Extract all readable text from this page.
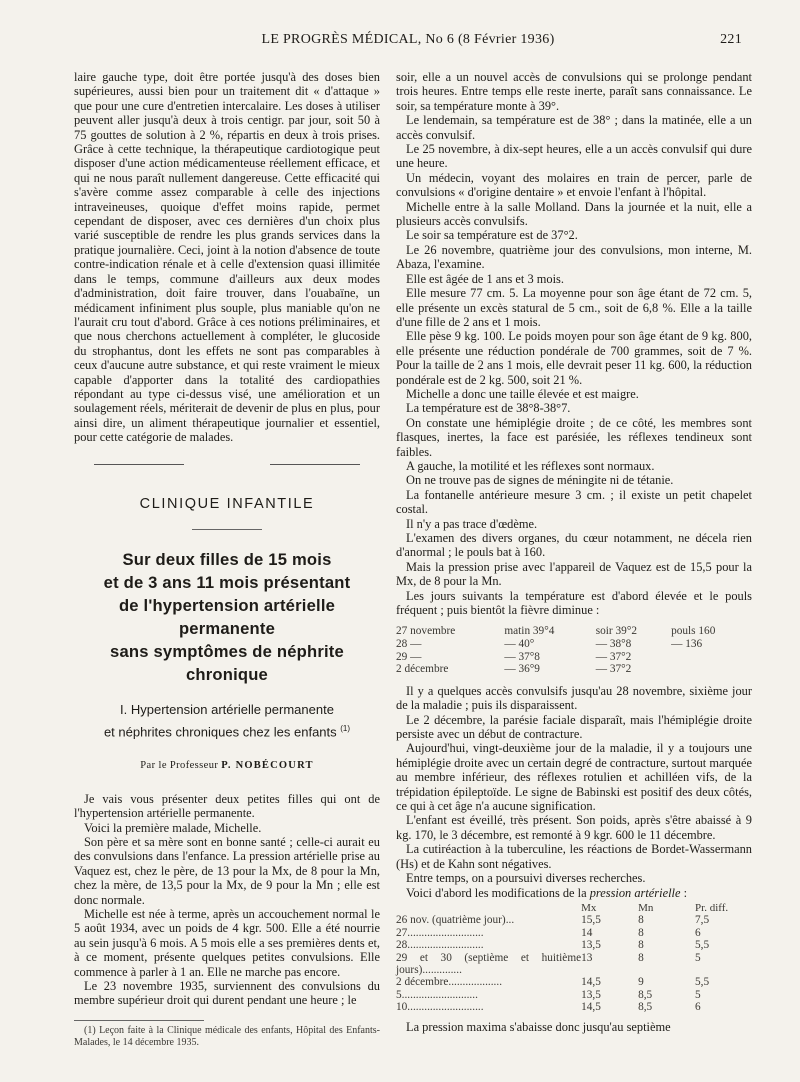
LE PROGRÈS MÉDICAL, No 6 (8 Février 1936)	221

laire gauche type, doit être portée jusqu'à des doses bien supérieures, aussi bien pour un traitement dit « d'attaque » que pour une cure d'entretien intercalaire. Les doses à utiliser peuvent aller jusqu'à deux à trois centigr. par jour, soit 50 à 75 gouttes de solution à 2 %, répartis en deux à trois prises. Grâce à cette technique, la thérapeutique cardiotogique peut disposer d'une action médicamenteuse réellement efficace, et qui ne nous paraît nullement dangereuse. Cette efficacité qui s'avère comme assez comparable à celle des injections intraveineuses, quoique d'effet moins rapide, permet cependant de disposer, avec ces dernières d'un choix plus varié susceptible de rendre les plus grands services dans la pratique journalière. Ceci, joint à la notion d'absence de toute contre-indication rénale et à celle d'extension quasi illimitée dans le temps, commune d'ailleurs aux deux modes d'administration, doit faire trouver, dans l'ouabaïne, un médicament infiniment plus souple, plus maniable qu'on ne l'aurait cru tout d'abord. Grâce à ces notions préliminaires, et que nous cherchons actuellement à compléter, le glucoside du strophantus, dont les effets ne sont pas comparables à ceux d'aucune autre substance, et qui reste vraiment le mieux capable d'apporter dans la totalité des cardiopathies répondant au type ci-dessus visé, une amélioration et un soulagement réels, mériterait de devenir de plus en plus, pour ainsi dire, un aliment thérapeutique journalier et essentiel, pour cette catégorie de malades.

CLINIQUE INFANTILE
Sur deux filles de 15 mois
et de 3 ans 11 mois présentant
de l'hypertension artérielle permanente
sans symptômes de néphrite chronique
I. Hypertension artérielle permanente
et néphrites chroniques chez les enfants $^{(1)}$
Par le Professeur P. NOBÉCOURT

Je vais vous présenter deux petites filles qui ont de l'hypertension artérielle permanente.

Voici la première malade, Michelle.

Son père et sa mère sont en bonne santé ; celle-ci aurait eu des convulsions dans l'enfance. La pression artérielle prise au Vaquez est, chez le père, de 13 pour la Mx, de 8 pour la Mn, chez la mère, de 13,5 pour la Mx, de 9 pour la Mn ; elle est donc normale.

Michelle est née à terme, après un accouchement normal le 5 août 1934, avec un poids de 4 kgr. 500. Elle a été nourrie au sein jusqu'à 6 mois. A 5 mois elle a ses premières dents et, à ce moment, présente quelques petites convulsions. Elle commence à parler à 1 an. Elle ne marche pas encore.

Le 23 novembre 1935, surviennent des convulsions du membre supérieur droit qui durent pendant une heure ; le

(1) Leçon faite à la Clinique médicale des enfants, Hôpital des Enfants-Malades, le 14 décembre 1935.

soir, elle a un nouvel accès de convulsions qui se prolonge pendant trois heures. Entre temps elle reste inerte, paraît sans connaissance. Le soir, sa température monte à 39°.

Le lendemain, sa température est de 38° ; dans la matinée, elle a un accès convulsif.

Le 25 novembre, à dix-sept heures, elle a un accès convulsif qui dure une heure.

Un médecin, voyant des molaires en train de percer, parle de convulsions « d'origine dentaire » et envoie l'enfant à l'hôpital.

Michelle entre à la salle Molland. Dans la journée et la nuit, elle a plusieurs accès convulsifs.

Le soir sa température est de 37°2.

Le 26 novembre, quatrième jour des convulsions, mon interne, M. Abaza, l'examine.

Elle est âgée de 1 ans et 3 mois.

Elle mesure 77 cm. 5. La moyenne pour son âge étant de 72 cm. 5, elle présente un excès statural de 5 cm., soit de 6,8 %. Elle a la taille d'une fille de 2 ans et 1 mois.

Elle pèse 9 kg. 100. Le poids moyen pour son âge étant de 9 kg. 800, elle présente une réduction pondérale de 700 grammes, soit de 7 %. Pour la taille de 2 ans 1 mois, elle devrait peser 11 kg. 600, la réduction pondérale est de 2 kg. 500, soit 21 %.

Michelle a donc une taille élevée et est maigre.

La température est de 38°8-38°7.

On constate une hémiplégie droite ; de ce côté, les membres sont flasques, inertes, la face est parésiée, les réflexes tendineux sont faibles.

A gauche, la motilité et les réflexes sont normaux.

On ne trouve pas de signes de méningite ni de tétanie.

La fontanelle antérieure mesure 3 cm. ; il existe un petit chapelet costal.

Il n'y a pas trace d'œdème.

L'examen des divers organes, du cœur notamment, ne décela rien d'anormal ; le pouls bat à 160.

Mais la pression prise avec l'appareil de Vaquez est de 15,5 pour la Mx, de 8 pour la Mn.

Les jours suivants la température est d'abord élevée et le pouls fréquent ; puis bientôt la fièvre diminue :

27 novembre	matin 39°4	soir 39°2	pouls 160
28 —	— 40°	— 38°8	— 136
29 —	— 37°8	— 37°2	
2 décembre	— 36°9	— 37°2	

Il y a quelques accès convulsifs jusqu'au 28 novembre, sixième jour de la maladie ; puis ils disparaissent.

Le 2 décembre, la parésie faciale disparaît, mais l'hémiplégie droite persiste avec un début de contracture.

Aujourd'hui, vingt-deuxième jour de la maladie, il y a toujours une hémiplégie droite avec un certain degré de contracture, surtout marquée au membre inférieur, des réflexes rotulien et achilléen vifs, de la trépidation épileptoïde. Le signe de Babinski est positif des deux côtés, ce qui à cet âge n'a aucune signification.

L'enfant est éveillé, très présent. Son poids, après s'être abaissé à 9 kg. 170, le 3 décembre, est remonté à 9 kgr. 600 le 11 décembre.

La cutiréaction à la tuberculine, les réactions de Bordet-Wassermann (Hs) et de Kahn sont négatives.

Entre temps, on a poursuivi diverses recherches.

Voici d'abord les modifications de la pression artérielle :

	Mx	Mn	Pr. diff.
26 nov. (quatrième jour)...	15,5	8	7,5
27...........................	14	8	6
28...........................	13,5	8	5,5
29 et 30 (septième et huitième jours)..............	13	8	5
2 décembre...................	14,5	9	5,5
5...........................	13,5	8,5	5
10...........................	14,5	8,5	6

La pression maxima s'abaisse donc jusqu'au septième
